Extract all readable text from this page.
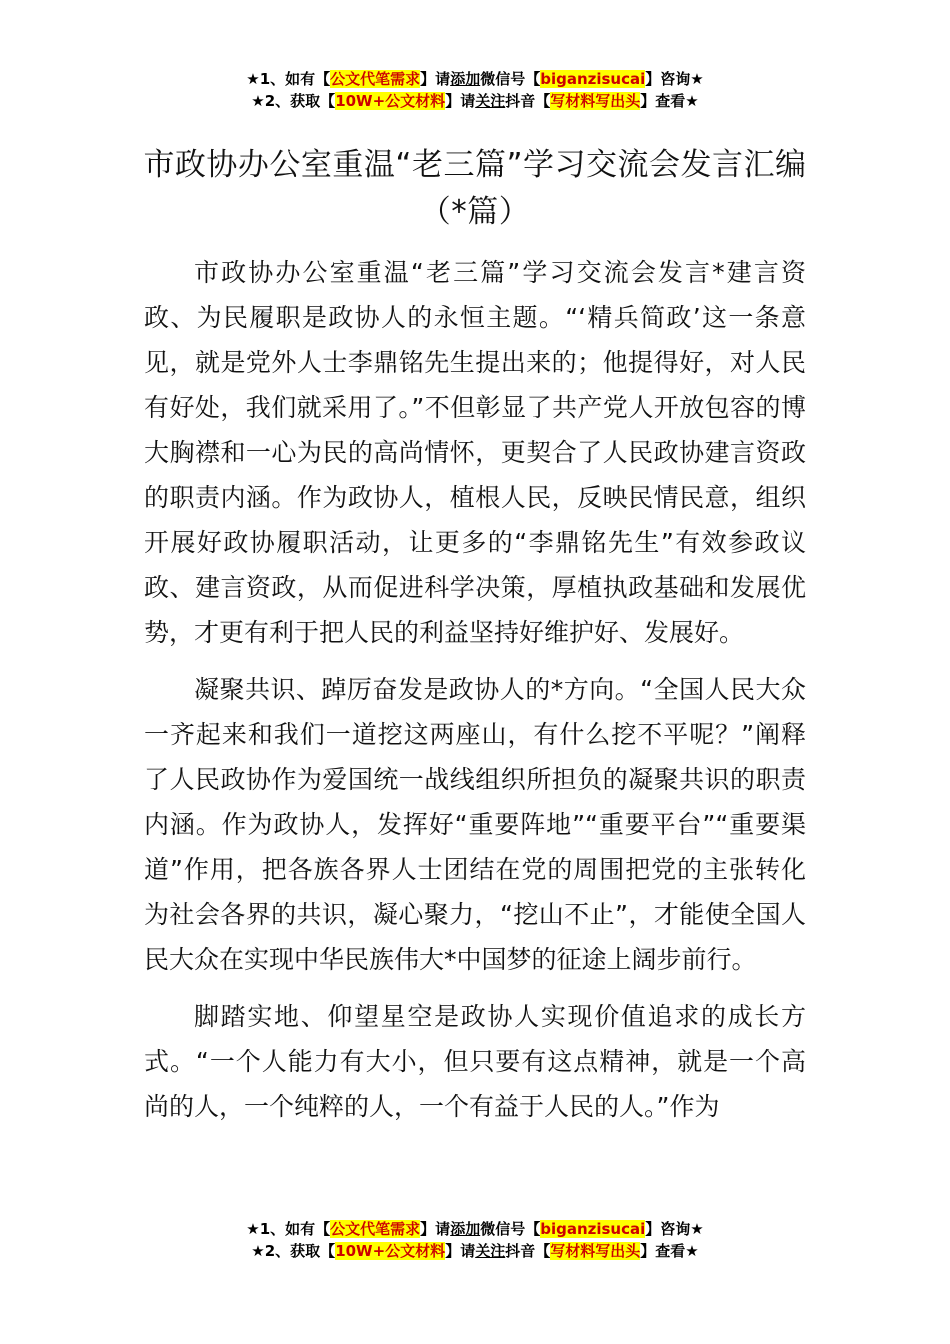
★1、如有【公文代笔需求】请添加微信号【biganzisucai】咨询★
★2、获取【10W+公文材料】请关注抖音【写材料写出头】查看★
市政协办公室重温“老三篇”学习交流会发言汇编（*篇）

市政协办公室重温“老三篇”学习交流会发言*建言资政、为民履职是政协人的永恒主题。“‘精兵简政’这一条意见，就是党外人士李鼎铭先生提出来的；他提得好，对人民有好处，我们就采用了。”不但彰显了共产党人开放包容的博大胸襟和一心为民的高尚情怀，更契合了人民政协建言资政的职责内涵。作为政协人，植根人民，反映民情民意，组织开展好政协履职活动，让更多的“李鼎铭先生”有效参政议政、建言资政，从而促进科学决策，厚植执政基础和发展优势，才更有利于把人民的利益坚持好维护好、发展好。

凝聚共识、踔厉奋发是政协人的*方向。“全国人民大众一齐起来和我们一道挖这两座山，有什么挖不平呢？”阐释了人民政协作为爱国统一战线组织所担负的凝聚共识的职责内涵。作为政协人，发挥好“重要阵地”“重要平台”“重要渠道”作用，把各族各界人士团结在党的周围把党的主张转化为社会各界的共识，凝心聚力，“挖山不止”，才能使全国人民大众在实现中华民族伟大*中国梦的征途上阔步前行。

脚踏实地、仰望星空是政协人实现价值追求的成长方式。“一个人能力有大小，但只要有这点精神，就是一个高尚的人，一个纯粹的人，一个有益于人民的人。”作为

★1、如有【公文代笔需求】请添加微信号【biganzisucai】咨询★
★2、获取【10W+公文材料】请关注抖音【写材料写出头】查看★
